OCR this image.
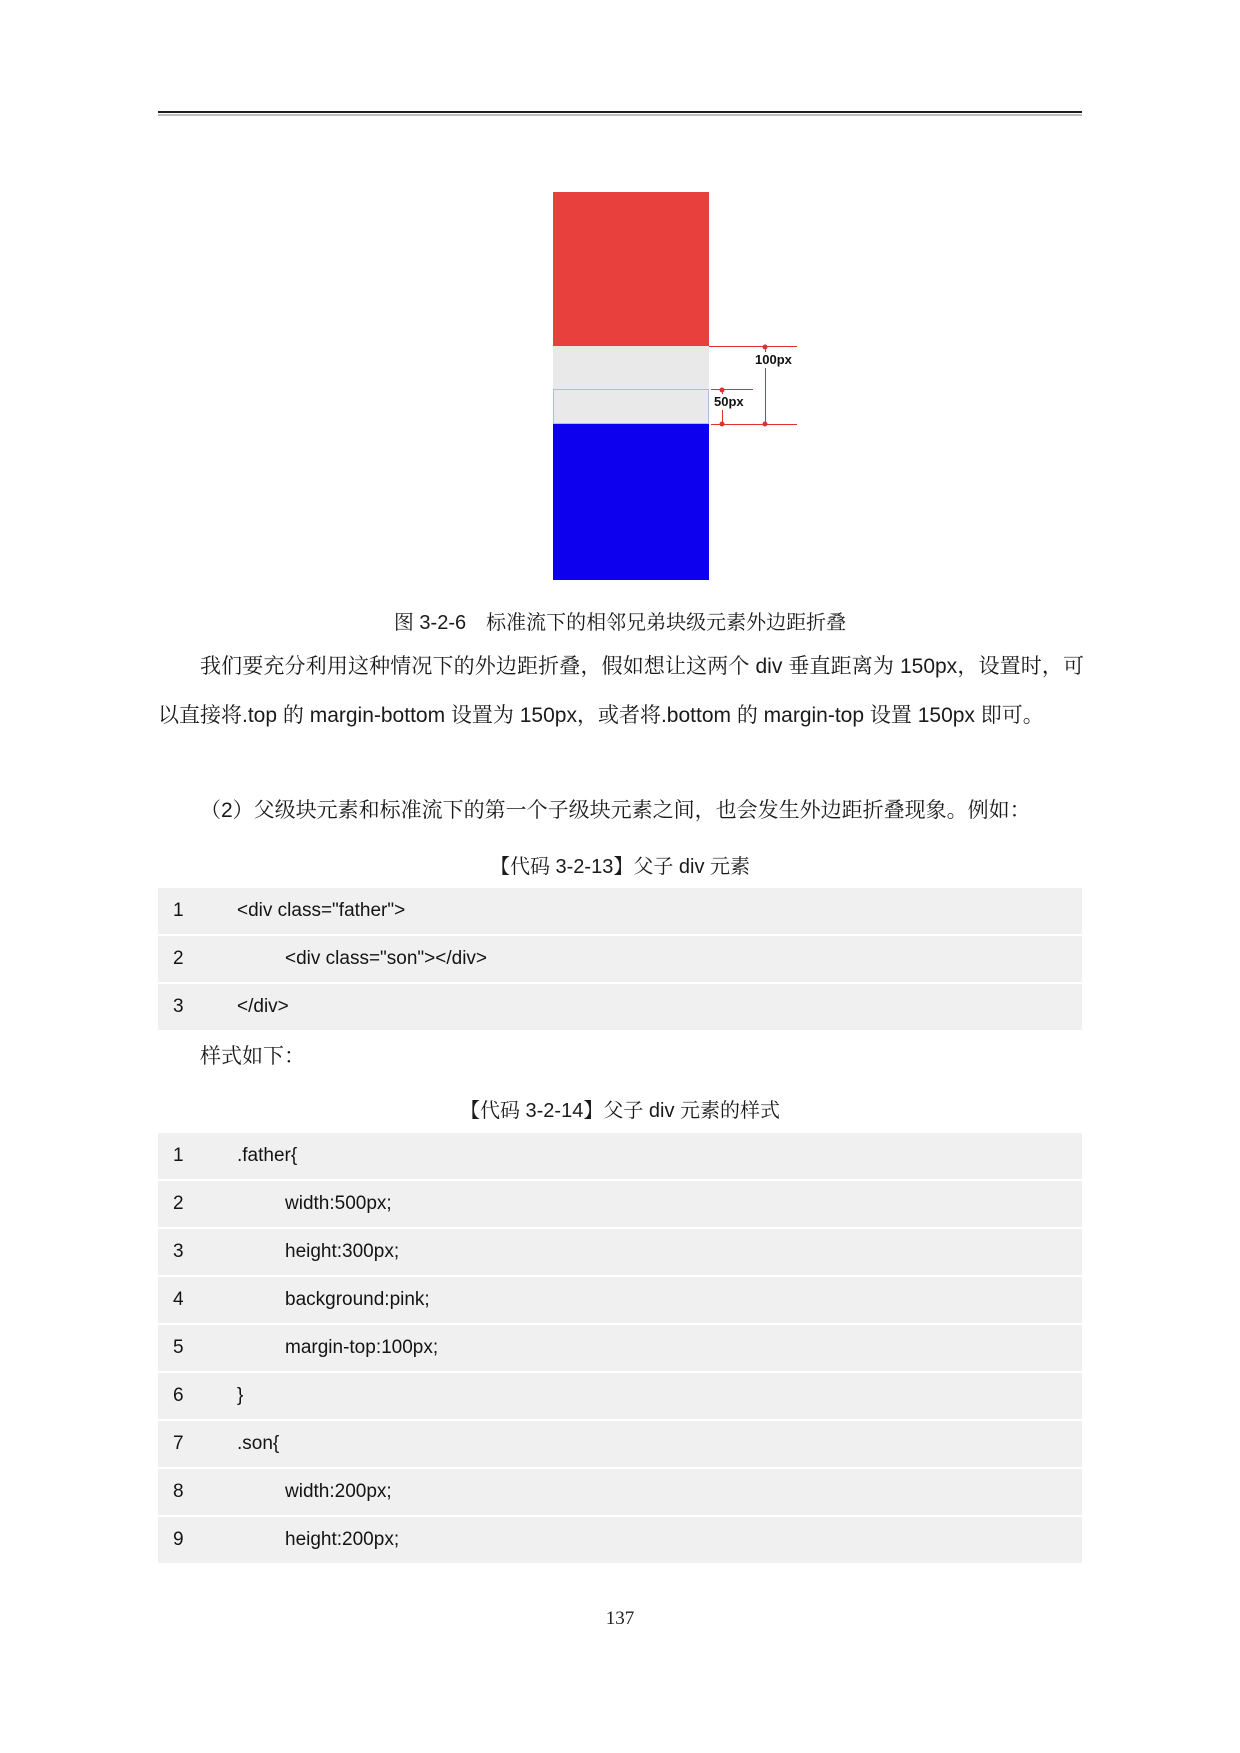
100px
50px
图 3-2-6　标准流下的相邻兄弟块级元素外边距折叠

我们要充分利用这种情况下的外边距折叠，假如想让这两个 div 垂直距离为 150px，设置时，可以直接将.top 的 margin-bottom 设置为 150px，或者将.bottom 的 margin-top 设置 150px 即可。

（2）父级块元素和标准流下的第一个子级块元素之间，也会发生外边距折叠现象。例如：

【代码 3-2-13】父子 div 元素
1	<div class="father">
2	<div class="son"></div>
3	</div>

样式如下：

【代码 3-2-14】父子 div 元素的样式
1	.father{
2	width:500px;
3	height:300px;
4	background:pink;
5	margin-top:100px;
6	}
7	.son{
8	width:200px;
9	height:200px;
137
